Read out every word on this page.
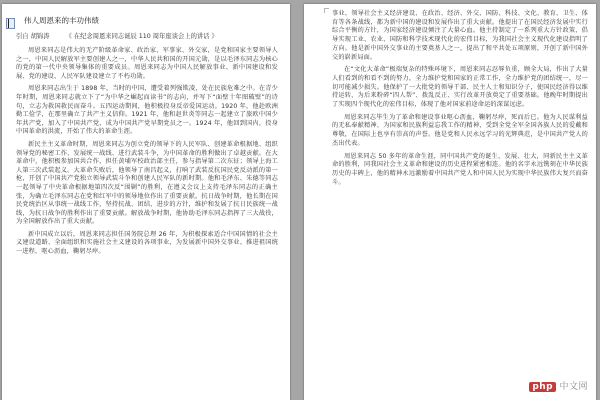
伟人周恩来的丰功伟绩
引自 胡锦涛	《 在纪念周恩来同志诞辰 110 周年座谈会上的讲话 》

周恩来同志是伟大的无产阶级革命家、政治家、军事家、外交家，是党和国家主要领导人之一，中国人民解放军主要创建人之一，中华人民共和国的开国元勋，是以毛泽东同志为核心的党的第一代中央领导集体的重要成员。周恩来同志为中国人民解放事业、新中国建设和发展、党的建设、人民军队建设建立了不朽功勋。

周恩来同志出生于 1898 年，当时的中国，遭受着列强欺凌，处在民族危难之中。在青少年时期，周恩来同志就立下了“为中华之崛起而读书”的志向，并写下“面壁十年图破壁”的诗句，立志为救国救民而奋斗。五四运动期间，他积极投身反帝爱国运动。1920 年，他赴欧洲勤工俭学，在那里确立了共产主义信仰。1921 年，他和赵世炎等同志一起建立了旅欧中国少年共产党，加入了中国共产党，成为中国共产党早期党员之一。1924 年，他回到国内，投身中国革命的洪流，开始了伟大的革命生涯。

新民主主义革命时期，周恩来同志为创立党的领导下的人民军队、创建革命根据地、组织领导党的秘密工作、发展统一战线、进行武装斗争，为中国革命的胜利做出了卓越贡献。在大革命中，他积极参加国共合作，担任黄埔军校政治部主任，参与指导第二次东征；领导上海工人第三次武装起义。大革命失败后，他领导了南昌起义，打响了武装反抗国民党反动派的第一枪，开创了中国共产党独立领导武装斗争和创建人民军队的新时期。他和毛泽东、朱德等同志一起领导了中央革命根据地第四次反“围剿”的胜利，在遵义会议上支持毛泽东同志的正确主张，为确立毛泽东同志在党和红军中的领导地位作出了重要贡献。抗日战争时期，他长期在国民党统治区从事统一战线工作，坚持抗战、团结、进步的方针，维护和发展了抗日民族统一战线，为抗日战争的胜利作出了重要贡献。解放战争时期，他协助毛泽东同志指挥了三大战役，为全国解放作出了重大贡献。

新中国成立以后，周恩来同志担任国务院总理 26 年，为积极探索适合中国国情的社会主义建设道路、全面组织和实施社会主义建设的各项事业，为发展新中国外交事业、推进祖国统一进程，呕心沥血，鞠躬尽瘁。

事业、领导社会主义经济建设、在政治、经济、外交、国防、科技、文化、教育、卫生、体育等各条战线，都为新中国的建设和发展作出了重大贡献。他提出了在国民经济发展中实行综合平衡的方针，为国家经济建设倾注了大量心血。他主持制定了一系列重大方针政策，倡导实现工业、农业、国防和科学技术现代化的宏伟目标，为我国社会主义现代化建设指明了方向。他是新中国外交事业的主要奠基人之一，提出了和平共处五项原则，开创了新中国外交的崭新局面。

在“文化大革命”极端复杂的特殊环境下，周恩来同志忍辱负重，顾全大局，作出了大量人们看到的和看不到的努力，全力维护党和国家的正常工作，全力维护党的团结统一，尽一切可能减少损失。他保护了一大批党的领导干部、民主人士和知识分子，使国民经济得以维持运转，为后来粉碎“四人帮”、拨乱反正、实行改革开放奠定了重要基础。他晚年时期提出了实现四个现代化的宏伟目标，体现了他对国家前途命运的深谋远虑。

周恩来同志毕生为了革命和建设事业呕心沥血，鞠躬尽瘁，死而后已。他为人民谋利益的无私奉献精神、为国家和民族利益忘我工作的精神，受到全党全军全国各族人民的爱戴和尊敬，在国际上也享有崇高的声誉。他是党和人民永远学习的光辉典范，是中国共产党人的杰出代表。

周恩来同志 50 多年的革命生涯，同中国共产党的诞生、发展、壮大，同新民主主义革命的胜利，同我国社会主义革命和建设的历史进程紧密相连。他的名字永远镌刻在中华民族历史的丰碑上，他的精神永远激励着中国共产党人和中国人民为实现中华民族伟大复兴而奋斗。

php 中文网
